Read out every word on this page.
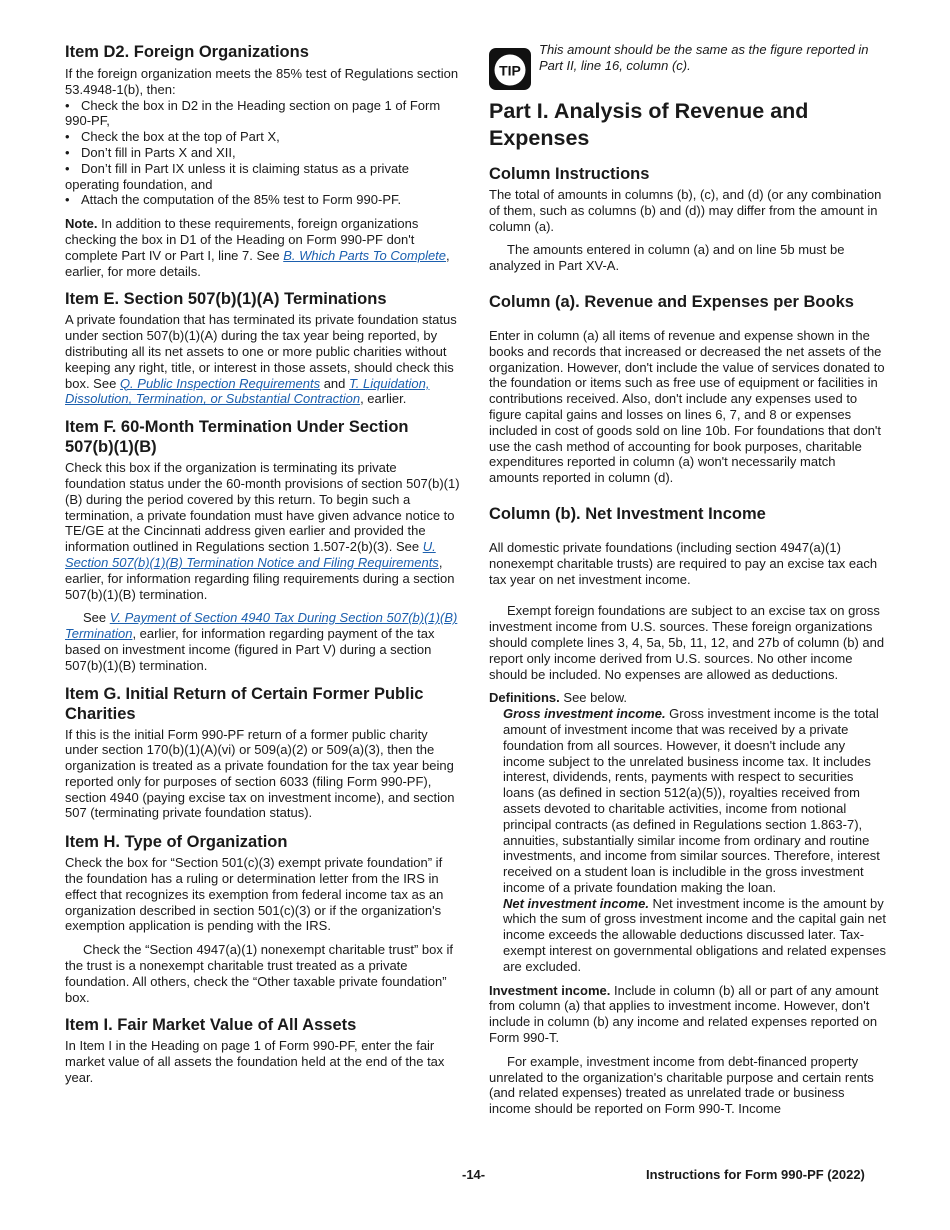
Item D2. Foreign Organizations

If the foreign organization meets the 85% test of Regulations section 53.4948-1(b), then:

• Check the box in D2 in the Heading section on page 1 of Form 990-PF,
• Check the box at the top of Part X,
• Don’t fill in Parts X and XII,
• Don’t fill in Part IX unless it is claiming status as a private operating foundation, and
• Attach the computation of the 85% test to Form 990-PF.

Note. In addition to these requirements, foreign organizations checking the box in D1 of the Heading on Form 990-PF don't complete Part IV or Part I, line 7. See B. Which Parts To Complete, earlier, for more details.

Item E. Section 507(b)(1)(A) Terminations

A private foundation that has terminated its private foundation status under section 507(b)(1)(A) during the tax year being reported, by distributing all its net assets to one or more public charities without keeping any right, title, or interest in those assets, should check this box. See Q. Public Inspection Requirements and T. Liquidation, Dissolution, Termination, or Substantial Contraction, earlier.

Item F. 60-Month Termination Under Section 507(b)(1)(B)

Check this box if the organization is terminating its private foundation status under the 60-month provisions of section 507(b)(1)(B) during the period covered by this return. To begin such a termination, a private foundation must have given advance notice to TE/GE at the Cincinnati address given earlier and provided the information outlined in Regulations section 1.507-2(b)(3). See U. Section 507(b)(1)(B) Termination Notice and Filing Requirements, earlier, for information regarding filing requirements during a section 507(b)(1)(B) termination.

See V. Payment of Section 4940 Tax During Section 507(b)(1)(B) Termination, earlier, for information regarding payment of the tax based on investment income (figured in Part V) during a section 507(b)(1)(B) termination.

Item G. Initial Return of Certain Former Public Charities

If this is the initial Form 990-PF return of a former public charity under section 170(b)(1)(A)(vi) or 509(a)(2) or 509(a)(3), then the organization is treated as a private foundation for the tax year being reported only for purposes of section 6033 (filing Form 990-PF), section 4940 (paying excise tax on investment income), and section 507 (terminating private foundation status).

Item H. Type of Organization

Check the box for “Section 501(c)(3) exempt private foundation” if the foundation has a ruling or determination letter from the IRS in effect that recognizes its exemption from federal income tax as an organization described in section 501(c)(3) or if the organization's exemption application is pending with the IRS.

Check the “Section 4947(a)(1) nonexempt charitable trust” box if the trust is a nonexempt charitable trust treated as a private foundation. All others, check the “Other taxable private foundation” box.

Item I. Fair Market Value of All Assets

In Item I in the Heading on page 1 of Form 990-PF, enter the fair market value of all assets the foundation held at the end of the tax year.

TIP

This amount should be the same as the figure reported in Part II, line 16, column (c).

Part I. Analysis of Revenue and Expenses
Column Instructions

The total of amounts in columns (b), (c), and (d) (or any combination of them, such as columns (b) and (d)) may differ from the amount in column (a).

The amounts entered in column (a) and on line 5b must be analyzed in Part XV-A.

Column (a). Revenue and Expenses per Books

Enter in column (a) all items of revenue and expense shown in the books and records that increased or decreased the net assets of the organization. However, don't include the value of services donated to the foundation or items such as free use of equipment or facilities in contributions received. Also, don't include any expenses used to figure capital gains and losses on lines 6, 7, and 8 or expenses included in cost of goods sold on line 10b. For foundations that don't use the cash method of accounting for book purposes, charitable expenditures reported in column (a) won't necessarily match amounts reported in column (d).

Column (b). Net Investment Income

All domestic private foundations (including section 4947(a)(1) nonexempt charitable trusts) are required to pay an excise tax each tax year on net investment income.

Exempt foreign foundations are subject to an excise tax on gross investment income from U.S. sources. These foreign organizations should complete lines 3, 4, 5a, 5b, 11, 12, and 27b of column (b) and report only income derived from U.S. sources. No other income should be included. No expenses are allowed as deductions.

Definitions. See below.

Gross investment income. Gross investment income is the total amount of investment income that was received by a private foundation from all sources. However, it doesn't include any income subject to the unrelated business income tax. It includes interest, dividends, rents, payments with respect to securities loans (as defined in section 512(a)(5)), royalties received from assets devoted to charitable activities, income from notional principal contracts (as defined in Regulations section 1.863-7), annuities, substantially similar income from ordinary and routine investments, and income from similar sources. Therefore, interest received on a student loan is includible in the gross investment income of a private foundation making the loan.

Net investment income. Net investment income is the amount by which the sum of gross investment income and the capital gain net income exceeds the allowable deductions discussed later. Tax-exempt interest on governmental obligations and related expenses are excluded.

Investment income. Include in column (b) all or part of any amount from column (a) that applies to investment income. However, don't include in column (b) any income and related expenses reported on Form 990-T.

For example, investment income from debt-financed property unrelated to the organization's charitable purpose and certain rents (and related expenses) treated as unrelated trade or business income should be reported on Form 990-T. Income

-14-	Instructions for Form 990-PF (2022)
